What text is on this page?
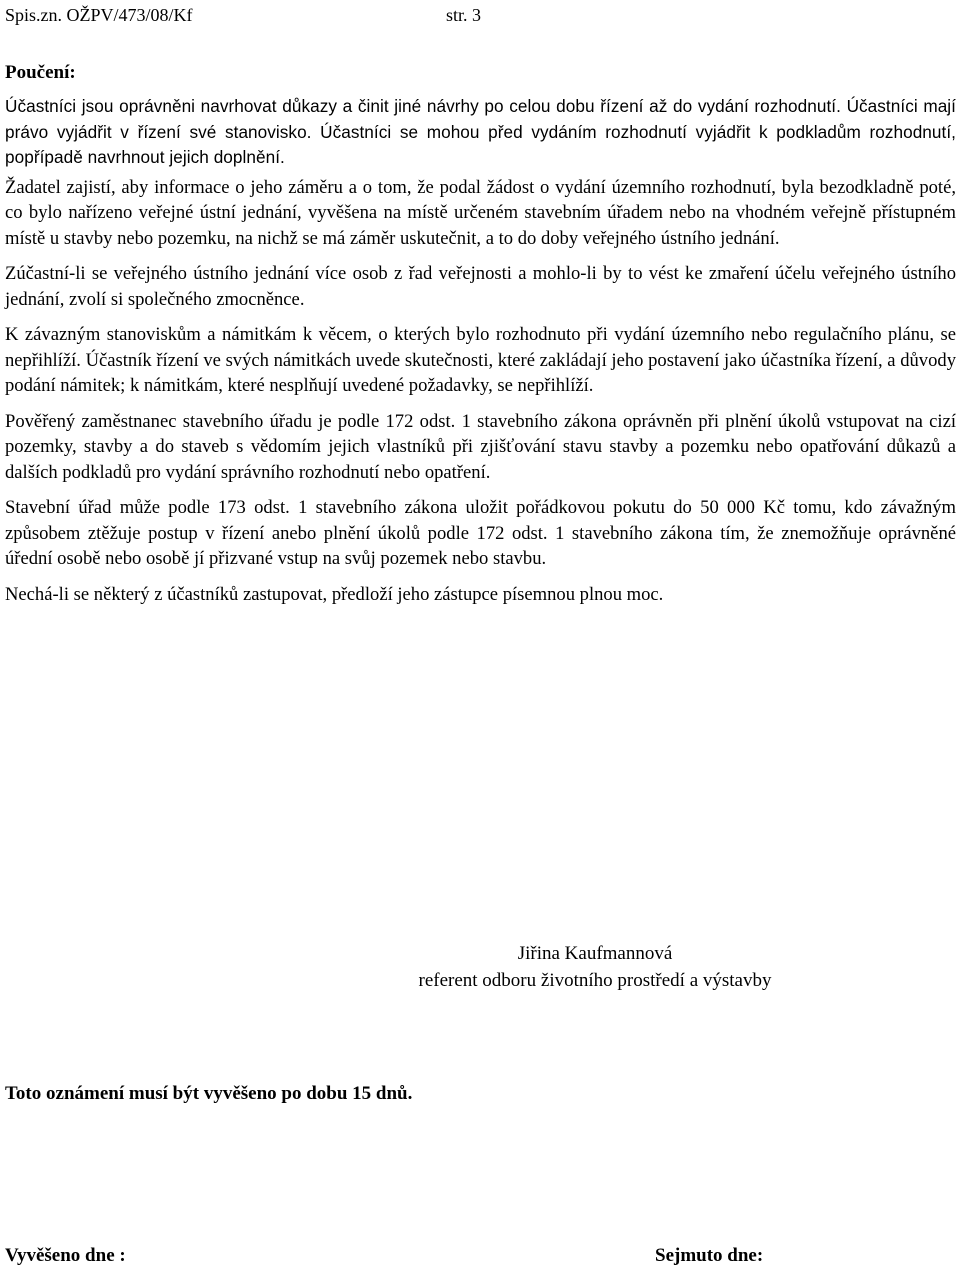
Spis.zn. OŽPV/473/08/Kf	str. 3
Poučení:

Účastníci jsou oprávněni navrhovat důkazy a činit jiné návrhy po celou dobu řízení až do vydání rozhodnutí. Účastníci mají právo vyjádřit v řízení své stanovisko. Účastníci se mohou před vydáním rozhodnutí vyjádřit k podkladům rozhodnutí, popřípadě navrhnout jejich doplnění.

Žadatel zajistí, aby informace o jeho záměru a o tom, že podal žádost o vydání územního rozhodnutí, byla bezodkladně poté, co bylo nařízeno veřejné ústní jednání, vyvěšena na místě určeném stavebním úřadem nebo na vhodném veřejně přístupném místě u stavby nebo pozemku, na nichž se má záměr uskutečnit, a to do doby veřejného ústního jednání.

Zúčastní-li se veřejného ústního jednání více osob z řad veřejnosti a mohlo-li by to vést ke zmaření účelu veřejného ústního jednání, zvolí si společného zmocněnce.

K závazným stanoviskům a námitkám k věcem, o kterých bylo rozhodnuto při vydání územního nebo regulačního plánu, se nepřihlíží. Účastník řízení ve svých námitkách uvede skutečnosti, které zakládají jeho postavení jako účastníka řízení, a důvody podání námitek; k námitkám, které nesplňují uvedené požadavky, se nepřihlíží.

Pověřený zaměstnanec stavebního úřadu je podle 172 odst. 1 stavebního zákona oprávněn při plnění úkolů vstupovat na cizí pozemky, stavby a do staveb s vědomím jejich vlastníků při zjišťování stavu stavby a pozemku nebo opatřování důkazů a dalších podkladů pro vydání správního rozhodnutí nebo opatření.

Stavební úřad může podle 173 odst. 1 stavebního zákona uložit pořádkovou pokutu do 50 000 Kč tomu, kdo závažným způsobem ztěžuje postup v řízení anebo plnění úkolů podle 172 odst. 1 stavebního zákona tím, že znemožňuje oprávněné úřední osobě nebo osobě jí přizvané vstup na svůj pozemek nebo stavbu.

Nechá-li se některý z účastníků zastupovat, předloží jeho zástupce písemnou plnou moc.

Jiřina Kaufmannová
referent odboru životního prostředí a výstavby
Toto oznámení musí být vyvěšeno po dobu 15 dnů.
Vyvěšeno dne :	Sejmuto dne:
